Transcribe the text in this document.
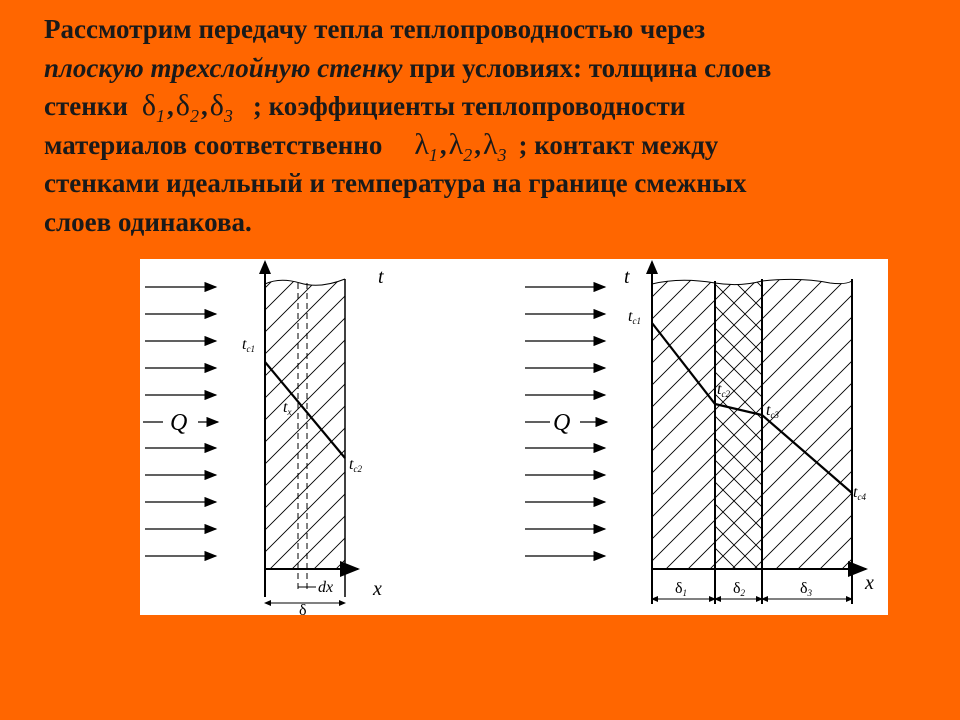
Рассмотрим передачу тепла теплопроводностью через
плоскую трехслойную стенку при условиях: толщина слоев
стенки $\delta_1,\delta_2,\delta_3$ ; коэффициенты теплопроводности
материалов соответственно $\lambda_1,\lambda_2,\lambda_3$ ; контакт между
стенками идеальный и температура на границе смежных
слоев одинакова.
Q
t
x
tc1
tx
tc2
dx
δ
Q
t
x
tc1
tc2
tc3
tc4
δ1	δ2	δ3
